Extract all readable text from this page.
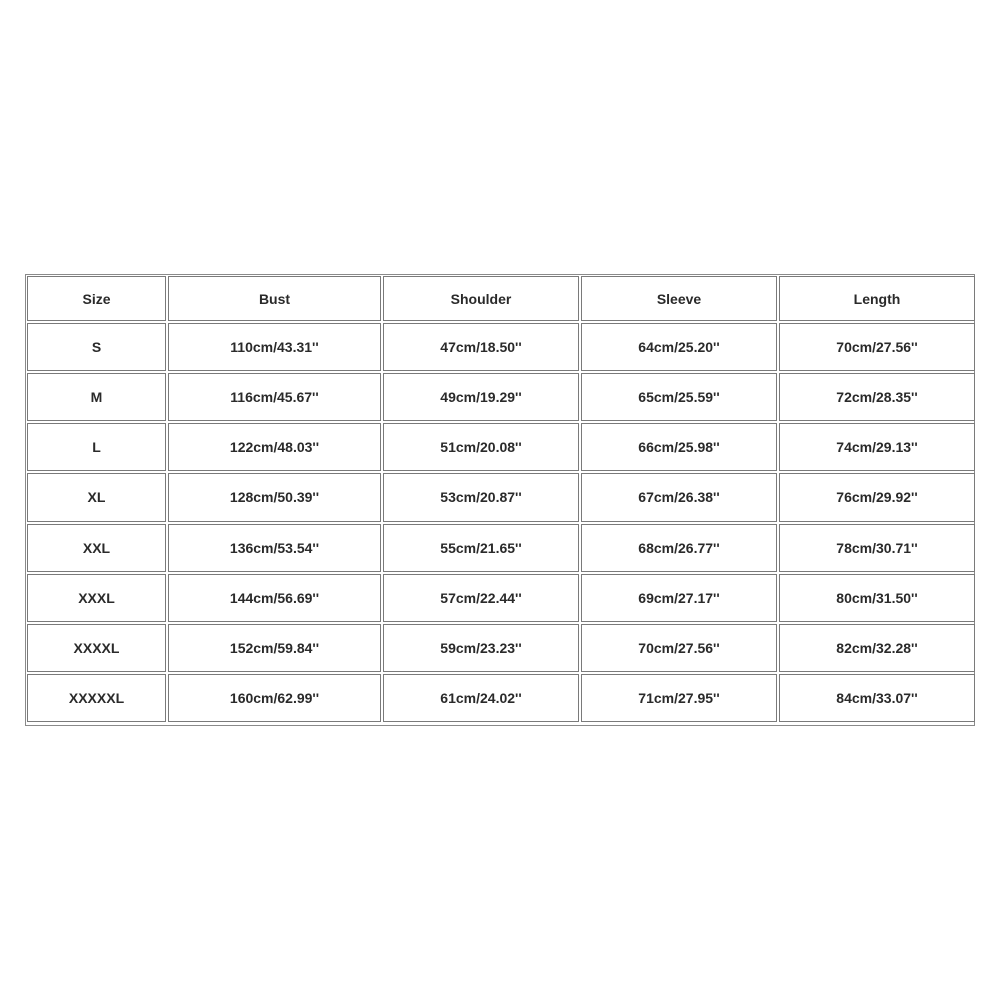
Size	Bust	Shoulder	Sleeve	Length
S	110cm/43.31''	47cm/18.50''	64cm/25.20''	70cm/27.56''
M	116cm/45.67''	49cm/19.29''	65cm/25.59''	72cm/28.35''
L	122cm/48.03''	51cm/20.08''	66cm/25.98''	74cm/29.13''
XL	128cm/50.39''	53cm/20.87''	67cm/26.38''	76cm/29.92''
XXL	136cm/53.54''	55cm/21.65''	68cm/26.77''	78cm/30.71''
XXXL	144cm/56.69''	57cm/22.44''	69cm/27.17''	80cm/31.50''
XXXXL	152cm/59.84''	59cm/23.23''	70cm/27.56''	82cm/32.28''
XXXXXL	160cm/62.99''	61cm/24.02''	71cm/27.95''	84cm/33.07''
